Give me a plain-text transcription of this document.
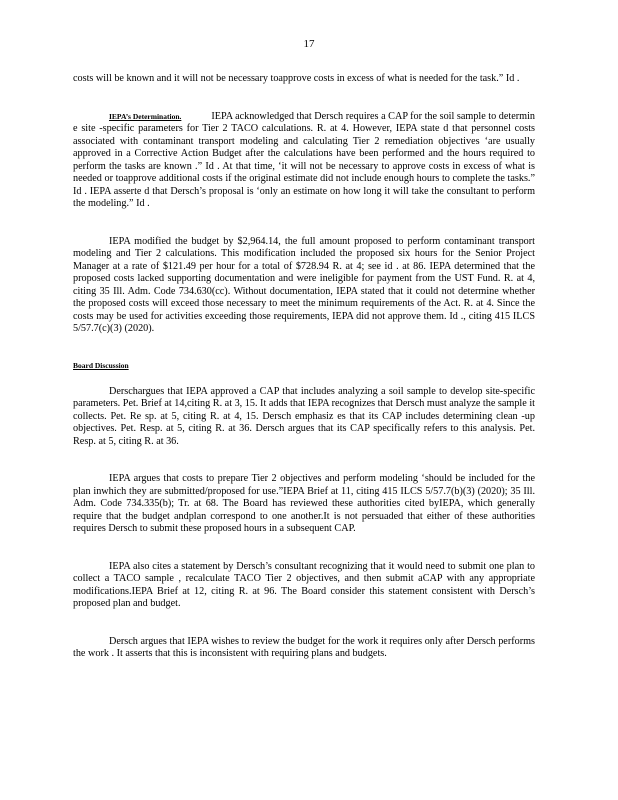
17

costs will be known and it will not be necessary toapprove costs in excess of what is needed for the task.” Id .

IEPA’s Determination.	IEPA acknowledged that Dersch requires a CAP for the soil sample to determin e site -specific parameters for Tier 2 TACO calculations. R. at 4. However, IEPA state d that personnel costs associated with contaminant transport modeling and calculating Tier 2 remediation objectives ‘are usually approved in a Corrective Action Budget after the calculations have been performed and the hours required to perform the tasks are known .” Id . At that time, ‘it will not be necessary to approve costs in excess of what is needed or toapprove additional costs if the original estimate did not include enough hours to complete the tasks.” Id . IEPA asserte d that Dersch’s proposal is ‘only an estimate on how long it will take the consultant to perform the modeling.” Id .

IEPA modified the budget by $2,964.14, the full amount proposed to perform contaminant transport modeling and Tier 2 calculations. This modification included the proposed six hours for the Senior Project Manager at a rate of $121.49 per hour for a total of $728.94 R. at 4; see id . at 86. IEPA determined that the proposed costs lacked supporting documentation and were ineligible for payment from the UST Fund. R. at 4, citing 35 Ill. Adm. Code 734.630(cc). Without documentation, IEPA stated that it could not determine whether the proposed costs will exceed those necessary to meet the minimum requirements of the Act. R. at 4. Since the costs may be used for activities exceeding those requirements, IEPA did not approve them. Id ., citing 415 ILCS 5/57.7(c)(3) (2020).

Board Discussion

Derschargues that IEPA approved a CAP that includes analyzing a soil sample to develop site-specific parameters. Pet. Brief at 14,citing R. at 3, 15. It adds that IEPA recognizes that Dersch must analyze the sample it collects. Pet. Re sp. at 5, citing R. at 4, 15. Dersch emphasiz es that its CAP includes determining clean -up objectives. Pet. Resp. at 5, citing R. at 36. Dersch argues that its CAP specifically refers to this analysis. Pet. Resp. at 5, citing R. at 36.

IEPA argues that costs to prepare Tier 2 objectives and perform modeling ‘should be included for the plan inwhich they are submitted/proposed for use.”IEPA Brief at 11, citing 415 ILCS 5/57.7(b)(3) (2020); 35 Ill. Adm. Code 734.335(b); Tr. at 68. The Board has reviewed these authorities cited byIEPA, which generally require that the budget andplan correspond to one another.It is not persuaded that either of these authorities requires Dersch to submit these proposed hours in a subsequent CAP.

IEPA also cites a statement by Dersch’s consultant recognizing that it would need to submit one plan to collect a TACO sample , recalculate TACO Tier 2 objectives, and then submit aCAP with any appropriate modifications.IEPA Brief at 12, citing R. at 96. The Board consider this statement consistent with Dersch’s proposed plan and budget.

Dersch argues that IEPA wishes to review the budget for the work it requires only after Dersch performs the work . It asserts that this is inconsistent with requiring plans and budgets.
